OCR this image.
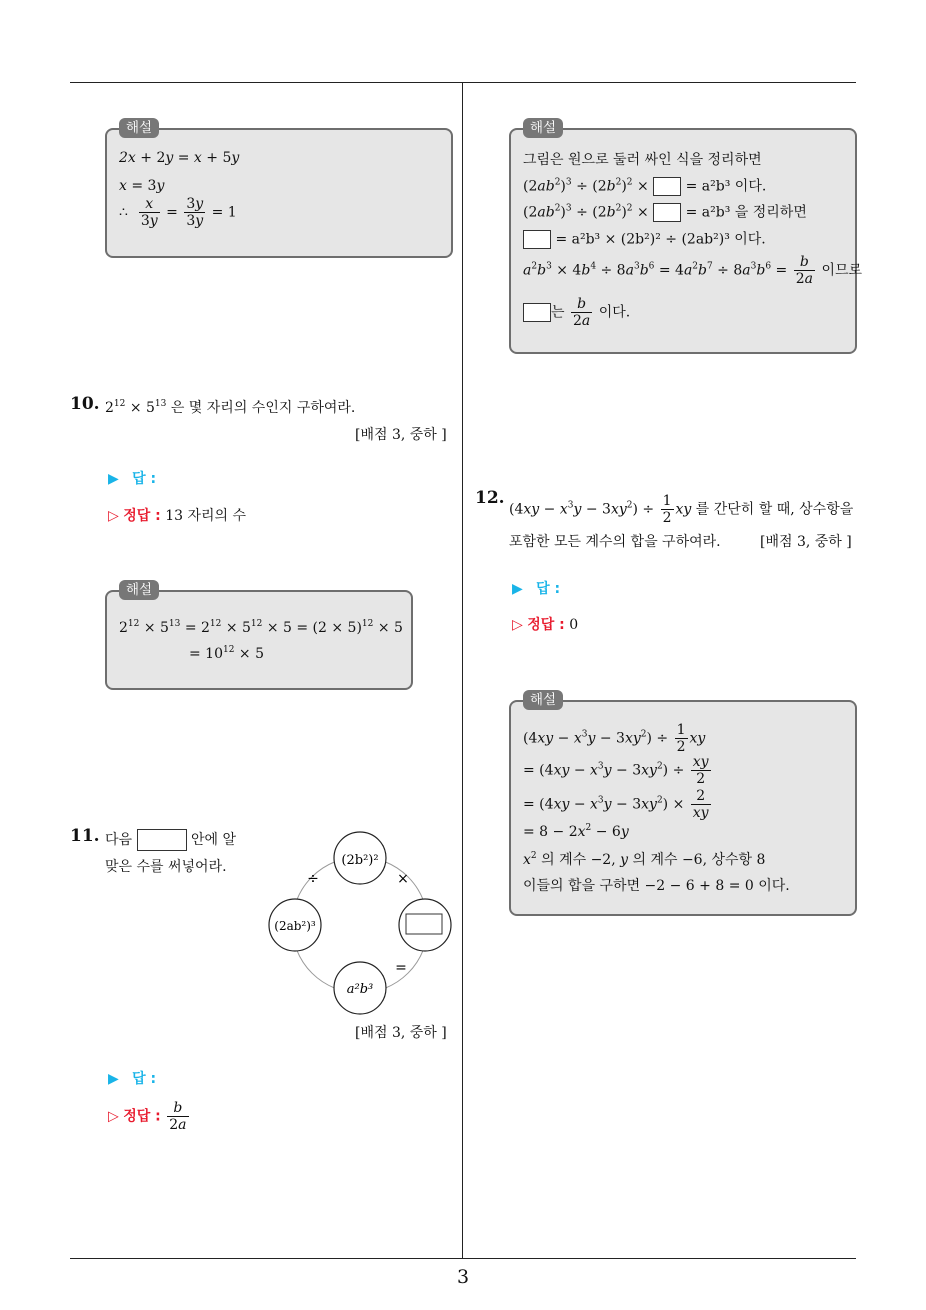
3
해설
2x + 2y = x + 5y
x = 3y
∴ $\frac{x}{3y} = \frac{3y}{3y} = 1$
10. $2^{12} \times 5^{13}$ 은 몇 자리의 수인지 구하여라.
[배점 3, 중하 ]
▶ 답 :
▷ 정답 : 13 자리의 수
해설
$2^{12} \times 5^{13} = 2^{12} \times 5^{12} \times 5 = (2 \times 5)^{12} \times 5$
= $10^{12} \times 5$
11. 다음	안에 알
맞은 수를 써넣어라.	(2b²)²
(2ab²)³
a²b³
÷	×
=
[배점 3, 중하 ]
▶ 답 :
▷ 정답 : $\frac{b}{2a}$
해설
그림은 원으로 둘러 싸인 식을 정리하면
$(2ab^2)^3 \div (2b^2)^2$ ×  = a²b³ 이다.
$(2ab^2)^3 \div (2b^2)^2$ ×  = a²b³ 을 정리하면
= a²b³ × (2b²)² ÷ (2ab²)³ 이다.
$a^2b^3 \times 4b^4 \div 8a^3b^6 = 4a^2b^7 \div 8a^3b^6 = \frac{b}{2a}$ 이므로
는 $\frac{b}{2a}$ 이다.
12.
$(4xy - x^3y - 3xy^2) \div \frac{1}{2}$ xy 를 간단히 할 때, 상수항을
포함한 모든 계수의 합을 구하여라.	[배점 3, 중하 ]
▶ 답 :
▷ 정답 : 0
해설
$(4xy - x^3y - 3xy^2) \div \frac{1}{2}$ xy
= $(4xy - x^3y - 3xy^2) \div \frac{xy}{2}$
= $(4xy - x^3y - 3xy^2) \times \frac{2}{xy}$
= $8 - 2x^2 - 6y$
$x^2$ 의 계수 −2, y 의 계수 −6, 상수항 8
이들의 합을 구하면 −2 − 6 + 8 = 0 이다.
